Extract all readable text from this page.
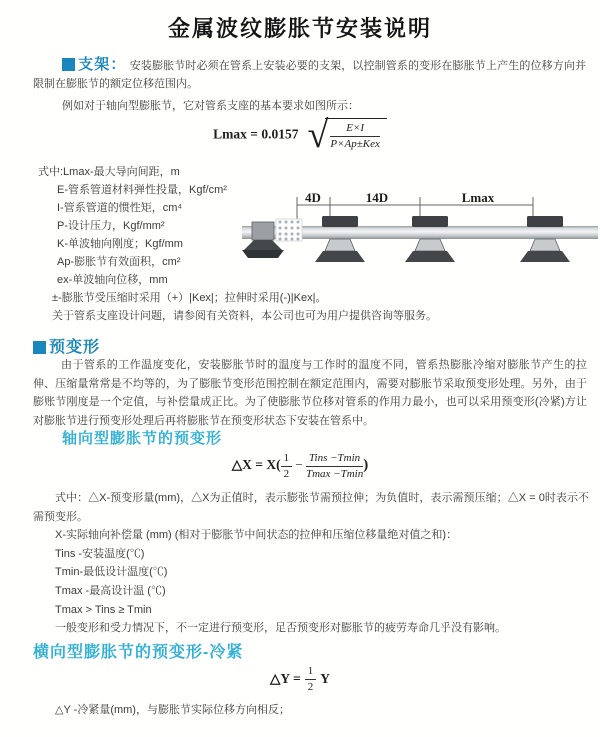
金属波纹膨胀节安装说明
支架： 安装膨胀节时必须在管系上安装必要的支架，以控制管系的变形在膨胀节上产生的位移方向并限制在膨胀节的额定位移范围内。
例如对于轴向型膨胀节，它对管系支座的基本要求如图所示：
Lmax = 0.0157 √ $\frac{E\times I}{\text{P×Ap±Kex}}$
式中:Lmax-最大导向间距，m
E-管系管道材料弹性投量，Kgf/cm²
I-管系管道的惯性矩，cm⁴
P-设计压力，Kgf/mm²
K-单波轴向刚度；Kgf/mm
Ap-膨胀节有效面积，cm²
ex-单波轴向位移，mm
±-膨胀节受压缩时采用（+）|Kex|；拉伸时采用(-)|Kex|。
关于管系支座设计问题，请参阅有关资料，本公司也可为用户提供咨询等服务。
4D	14D	Lmax
预变形
由于管系的工作温度变化，安装膨胀节时的温度与工作时的温度不同，管系热膨胀冷缩对膨胀节产生的拉伸、压缩量常常是不均等的，为了膨胀节变形范围控制在额定范围内，需要对膨胀节采取预变形处理。另外，由于膨账节刚度是一个定值，与补偿量成正比。为了使膨胀节位移对管系的作用力最小，也可以采用预变形(冷紧)方让对膨胀节进行预变形处理后再将膨胀节在预变形状态下安装在管系中。
轴向型膨胀节的预变形
△X = $X( \frac{1}{2} - \frac{\text{Tins −Tmin}}{Tmax -Tmin}$ )

式中：△X-预变形量(mm)，△X为正值时，表示膨张节需预拉伸；为负值时，表示需预压缩；△X = 0时表示不需预变形。

X-实际轴向补偿量 (mm) (相对于膨胀节中间状态的拉伸和压缩位移量绝对值之和)：

Tins -安装温度(℃)

Tmin-最低设计温度(℃)

Tmax -最高设计温 (℃)

Tmax > Tins ≥ Tmin

一般变形和受力情况下，不一定进行预变形，足否预变形对膨胀节的疲劳寿命几乎没有影响。

横向型膨胀节的预变形-冷紧
△Y = $\frac{1}{2}$ Y
△Y -冷紧量(mm)，与膨胀节实际位移方向相反；
